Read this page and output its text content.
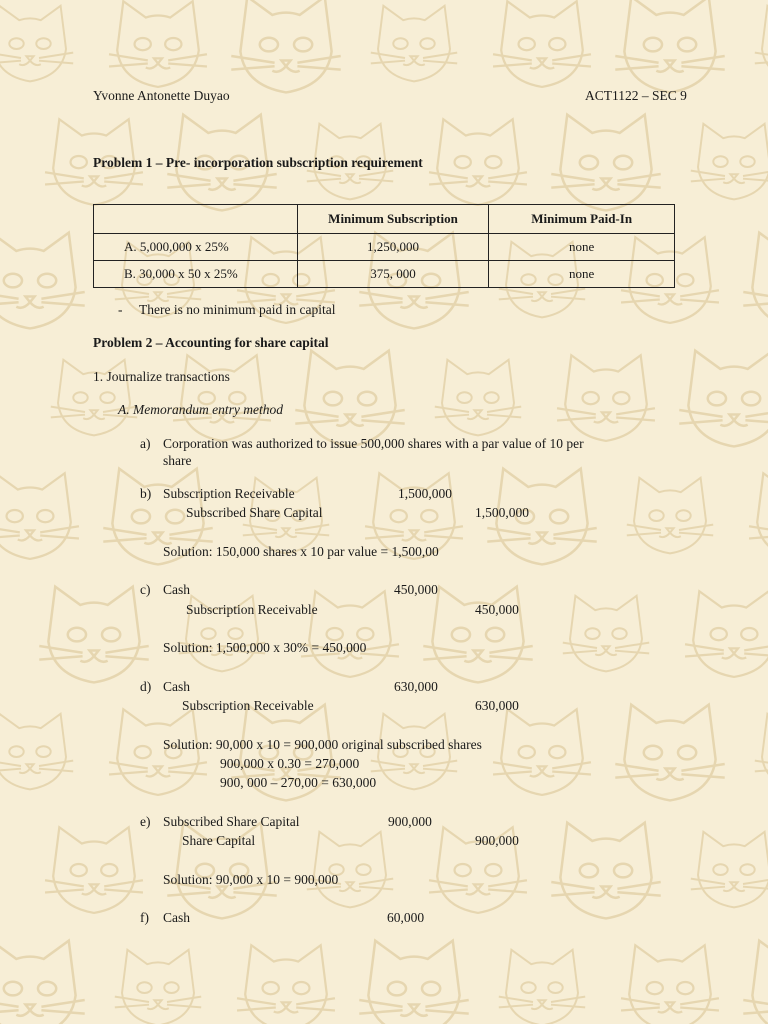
Yvonne Antonette Duyao	ACT1122 – SEC 9
Problem 1 – Pre- incorporation subscription requirement
	Minimum Subscription	Minimum Paid-In
A. 5,000,000 x 25%	1,250,000	none
B. 30,000 x 50 x 25%	375, 000	none
- There is no minimum paid in capital
Problem 2 – Accounting for share capital
1. Journalize transactions
A. Memorandum entry method
a) Corporation was authorized to issue 500,000 shares with a par value of 10 per
share
b) Subscription Receivable	1,500,000
Subscribed Share Capital	1,500,000
Solution: 150,000 shares x 10 par value = 1,500,00
c) Cash	450,000
Subscription Receivable	450,000
Solution: 1,500,000 x 30% = 450,000
d) Cash	630,000
Subscription Receivable	630,000
Solution: 90,000 x 10 = 900,000 original subscribed shares
900,000 x 0.30 = 270,000
900, 000 – 270,00 = 630,000
e) Subscribed Share Capital	900,000
Share Capital	900,000
Solution: 90,000 x 10 = 900,000
f) Cash	60,000
